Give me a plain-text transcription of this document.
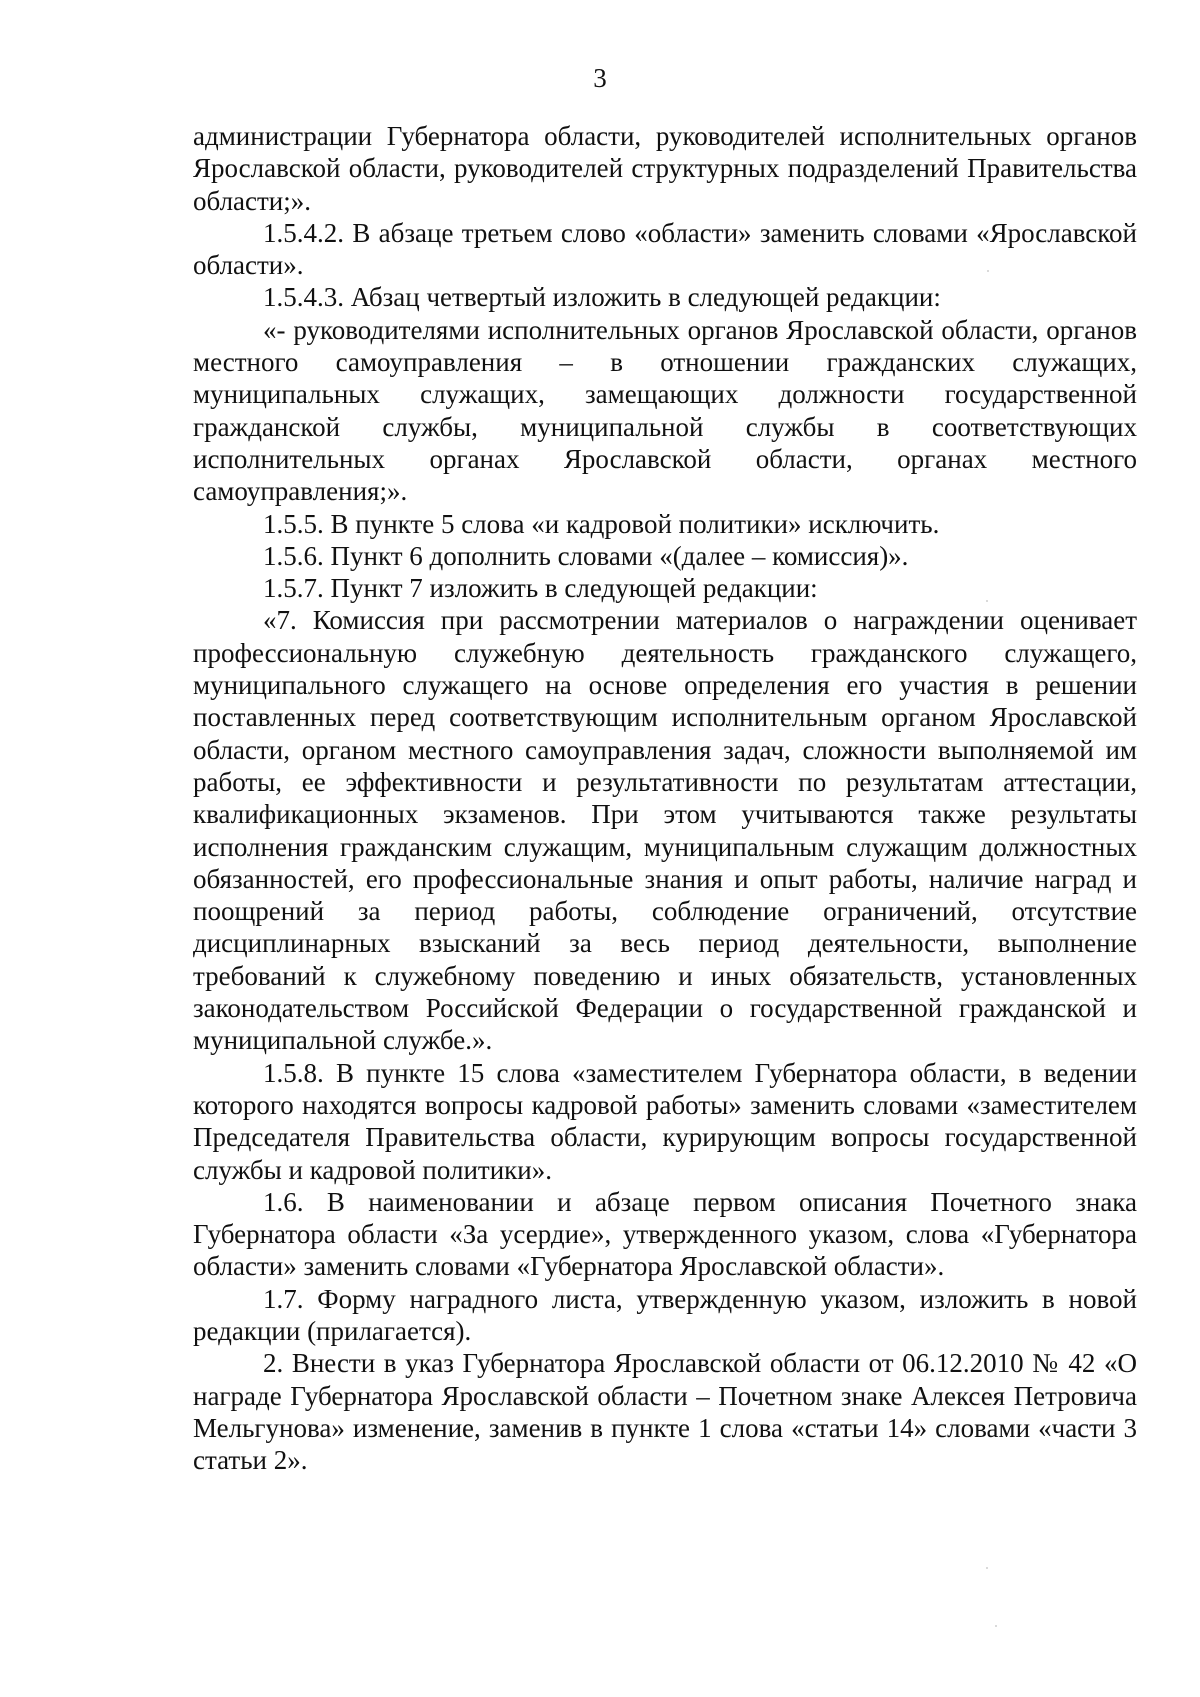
3

администрации Губернатора области, руководителей исполнительных органов Ярославской области, руководителей структурных подразделений Правительства области;».

1.5.4.2. В абзаце третьем слово «области» заменить словами «Ярославской области».

1.5.4.3. Абзац четвертый изложить в следующей редакции:

«- руководителями исполнительных органов Ярославской области, органов местного самоуправления – в отношении гражданских служащих, муниципальных служащих, замещающих должности государственной гражданской службы, муниципальной службы в соответствующих исполнительных органах Ярославской области, органах местного самоуправления;».

1.5.5. В пункте 5 слова «и кадровой политики» исключить.

1.5.6. Пункт 6 дополнить словами «(далее – комиссия)».

1.5.7. Пункт 7 изложить в следующей редакции:

«7. Комиссия при рассмотрении материалов о награждении оценивает профессиональную служебную деятельность гражданского служащего, муниципального служащего на основе определения его участия в решении поставленных перед соответствующим исполнительным органом Ярославской области, органом местного самоуправления задач, сложности выполняемой им работы, ее эффективности и результативности по результатам аттестации, квалификационных экзаменов. При этом учитываются также результаты исполнения гражданским служащим, муниципальным служащим должностных обязанностей, его профессиональные знания и опыт работы, наличие наград и поощрений за период работы, соблюдение ограничений, отсутствие дисциплинарных взысканий за весь период деятельности, выполнение требований к служебному поведению и иных обязательств, установленных законодательством Российской Федерации о государственной гражданской и муниципальной службе.».

1.5.8. В пункте 15 слова «заместителем Губернатора области, в ведении которого находятся вопросы кадровой работы» заменить словами «заместителем Председателя Правительства области, курирующим вопросы государственной службы и кадровой политики».

1.6. В наименовании и абзаце первом описания Почетного знака Губернатора области «За усердие», утвержденного указом, слова «Губернатора области» заменить словами «Губернатора Ярославской области».

1.7. Форму наградного листа, утвержденную указом, изложить в новой редакции (прилагается).

2. Внести в указ Губернатора Ярославской области от 06.12.2010 № 42 «О награде Губернатора Ярославской области – Почетном знаке Алексея Петровича Мельгунова» изменение, заменив в пункте 1 слова «статьи 14» словами «части 3 статьи 2».
